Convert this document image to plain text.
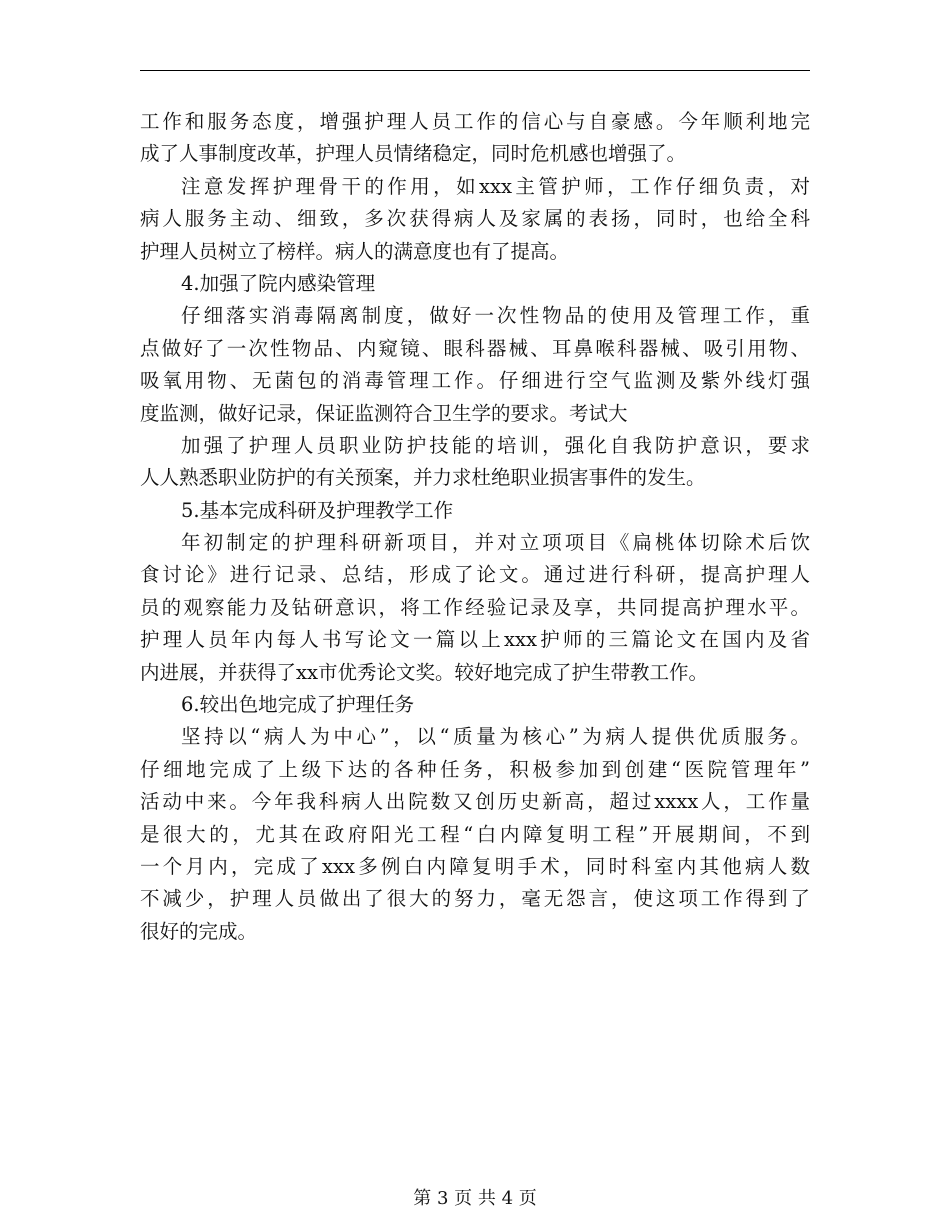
工作和服务态度，增强护理人员工作的信心与自豪感。今年顺利地完
成了人事制度改革，护理人员情绪稳定，同时危机感也增强了。
注意发挥护理骨干的作用，如xxx主管护师，工作仔细负责，对
病人服务主动、细致，多次获得病人及家属的表扬，同时，也给全科
护理人员树立了榜样。病人的满意度也有了提高。
4.加强了院内感染管理
仔细落实消毒隔离制度，做好一次性物品的使用及管理工作，重
点做好了一次性物品、内窥镜、眼科器械、耳鼻喉科器械、吸引用物、
吸氧用物、无菌包的消毒管理工作。仔细进行空气监测及紫外线灯强
度监测，做好记录，保证监测符合卫生学的要求。考试大
加强了护理人员职业防护技能的培训，强化自我防护意识，要求
人人熟悉职业防护的有关预案，并力求杜绝职业损害事件的发生。
5.基本完成科研及护理教学工作
年初制定的护理科研新项目，并对立项项目《扁桃体切除术后饮
食讨论》进行记录、总结，形成了论文。通过进行科研，提高护理人
员的观察能力及钻研意识，将工作经验记录及享，共同提高护理水平。
护理人员年内每人书写论文一篇以上xxx护师的三篇论文在国内及省
内进展，并获得了xx市优秀论文奖。较好地完成了护生带教工作。
6.较出色地完成了护理任务
坚持以“病人为中心”，以“质量为核心”为病人提供优质服务。
仔细地完成了上级下达的各种任务，积极参加到创建“医院管理年”
活动中来。今年我科病人出院数又创历史新高，超过xxxx人，工作量
是很大的，尤其在政府阳光工程“白内障复明工程”开展期间，不到
一个月内，完成了xxx多例白内障复明手术，同时科室内其他病人数
不减少，护理人员做出了很大的努力，毫无怨言，使这项工作得到了
很好的完成。
第 3 页 共 4 页
